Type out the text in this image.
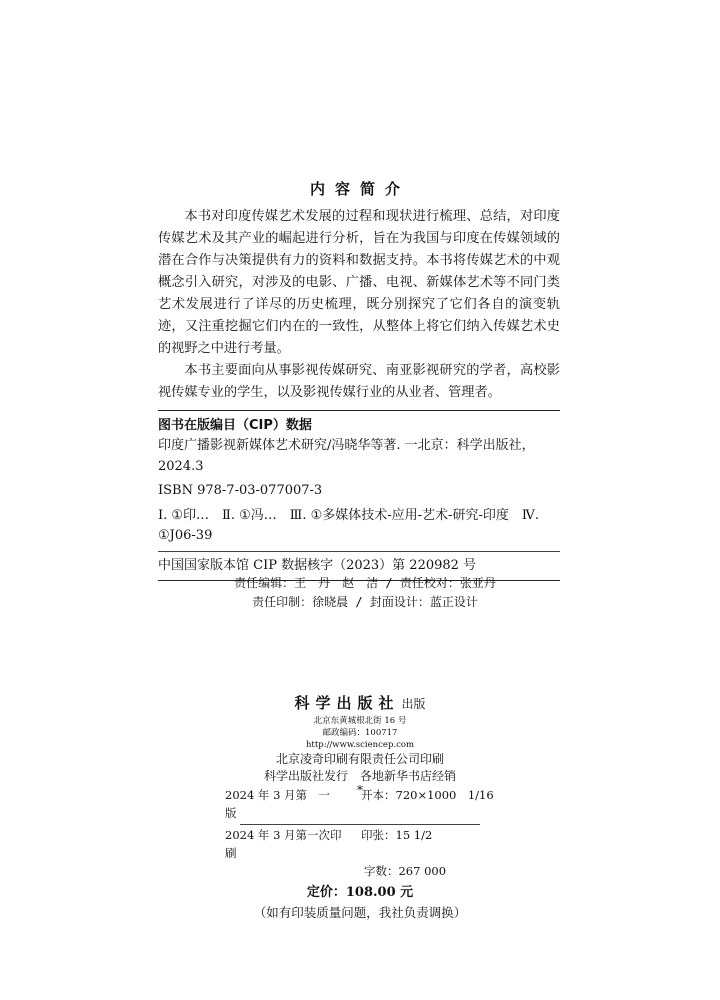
内容简介

本书对印度传媒艺术发展的过程和现状进行梳理、总结，对印度传媒艺术及其产业的崛起进行分析，旨在为我国与印度在传媒领域的潜在合作与决策提供有力的资料和数据支持。本书将传媒艺术的中观概念引入研究，对涉及的电影、广播、电视、新媒体艺术等不同门类艺术发展进行了详尽的历史梳理，既分别探究了它们各自的演变轨迹，又注重挖掘它们内在的一致性，从整体上将它们纳入传媒艺术史的视野之中进行考量。

本书主要面向从事影视传媒研究、南亚影视研究的学者，高校影视传媒专业的学生，以及影视传媒行业的从业者、管理者。

图书在版编目（CIP）数据
印度广播影视新媒体艺术研究/冯晓华等著. 一北京：科学出版社，2024.3
ISBN 978-7-03-077007-3
Ⅰ. ①印…　Ⅱ. ①冯…　Ⅲ. ①多媒体技术-应用-艺术-研究-印度　Ⅳ. ①J06-39
中国国家版本馆 CIP 数据核字（2023）第 220982 号
责任编辑：王　丹　赵　洁 / 责任校对：张亚丹
责任印制：徐晓晨 / 封面设计：蓝正设计
科学出版社 出版
北京东黄城根北街 16 号
邮政编码：100717
http://www.sciencep.com
北京凌奇印刷有限责任公司印刷
科学出版社发行　各地新华书店经销
*
2024 年 3 月第　一　版
开本：720×1000　1/16
2024 年 3 月第一次印刷
印张：15 1/2
字数：267 000
定价：108.00 元
（如有印装质量问题，我社负责调换）
